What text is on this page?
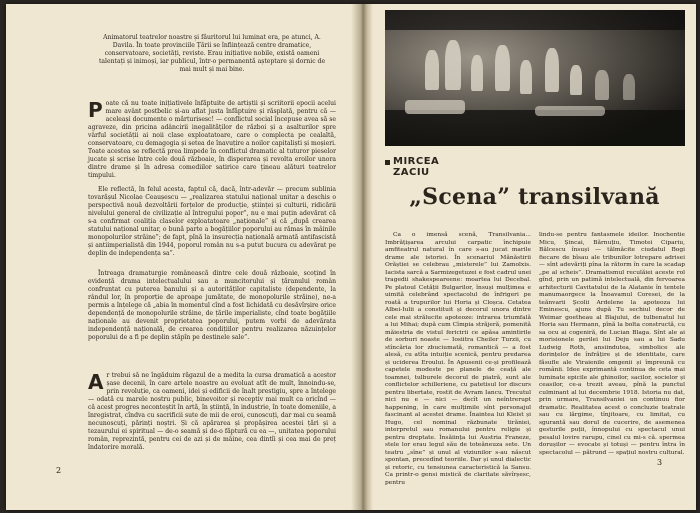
Animatorul teatrelor noastre și făuritorul lui luminat era, pe atunci, A. Davila. În toate provinciile Țării se înființează centre dramatice, conservatoare, societăți, reviste. Erau inițiative nobile, există oameni talentați și inimoși, iar publicul, într-o permanentă așteptare și dornic de mai mult și mai bine.

P oate că nu toate inițiativele înfăptuite de artiștii și scriitorii epocii acelui mare avânt postbelic și-au aflat justa înfăptuire și răsplată, pentru că — aceleași documente o mărturisesc! — conflictul social începuse avea să se agraveze, din pricina adâncirii inegalităților de război și a asalturilor spre vârful societății ai noii clase exploatatoare, care o complecta pe cealaltă, conservatoare, cu demagogia și setea de înavuțire a noilor capitaliști și moșieri. Toate acestea se reflectă prea limpede în conflictul dramatic al tuturor pieselor jucate și scrise între cele două războaie, în disperarea și revolta eroilor unora dintre drame și în adresa comediilor satirice care țineau alături teatrelor timpului.

Ele reflectă, în felul acesta, faptul că, dacă, într-adevăr — precum sublinia tovarășul Nicolae Ceaușescu — „realizarea statului național unitar a deschis o perspectivă nouă dezvoltării forțelor de producție, științei și culturii, ridicării nivelului general de civilizație al întregului popor”, nu e mai puțin adevărat că s-a confirmat coaliția claselor exploatatoare „naționale” și că „după crearea statului național unitar, o bună parte a bogățiilor poporului au rămas în mâinile monopolurilor străine”; de fapt, pînă la insurecția națională armată antifascistă și antiimperialistă din 1944, poporul român nu s-a putut bucura cu adevărat pe deplin de independența sa”.

Întreaga dramaturgie românească dintre cele două războaie, scoțind în evidență drama intelectualului sau a muncitorului și țăranului român confruntat cu puterea banului și a autorităților capitaliste (dependente, la rândul lor, în proporție de aproape jumătate, de monopolurile străine), ne-a permis a înțelege că „abia în momentul cînd a fost lichidată cu desăvîrșire orice dependență de monopolurile străine, de țările imperialiste, cînd toate bogățiile naționale au devenit proprietatea poporului, putem vorbi de adevărata independență națională, de crearea condițiilor pentru realizarea năzuințelor poporului de a fi pe deplin stăpîn pe destinele sale”.

A r trebui să ne îngăduim răgazul de a medita la cursa dramatică a acestor șase decenii, în care artele noastre au evoluat atît de mult, înnoindu-se, prin revoluție, ca oameni, idei și edificii de înalt prestigiu, spre a înțelege — odată cu marele nostru public, binevoitor și receptiv mai mult ca oricînd — că acest progres neconteștit în artă, în știință, în industrie, în toate domeniile, a înregistrat, cîndva cu sacrificii sute de mii de eroi, cunoscuți, dar mai cu seamă necunoscuți, părinți noștri. Și că apărarea și propășirea acestei țări și a tezaurului ei spiritual — de-o seamă și de-o făptură cu ea —, unitatea poporului român, reprezintă, pentru cei de azi și de mâine, cea dintîi și cea mai de preț îndatorire morală.

2
MIRCEA
ZACIU
„Scena” transilvană

Ca o imensă scenă, Transilvania... Imbrățișarea arcului carpatic închipuie amfiteatrul natural în care s-au jucat marile drame ale istoriei. În scenariul Mănăstirii Orăștiei se celebrau „misterele” lui Zamolxis. Iacista sarcă a Sarmizegetuzei e fost cadrul unei tragedii shakespeareene: moartea lui Decebal. Pe platoul Cetății Bulgarilor, însuși mulțimea e uimită celebrând spectacolul de înfrigeri pe roată a trupurilor lui Horia și Cloșca. Cetatea Albei-Iulii a constituit și decorul unora dintre cele mai strălucite apoteoze: intrarea triumfală a lui Mihai; după cum Cîmpia străjeră, pomenită măiestria de vistul fericirii ce apăsa amintirile de sorburi noaste — Iosiitra Cheiler Turzii, cu stîncăria lor zbuciumată, romantică — a fost alesă, cu atîta intuiție scenică, pentru predarea și uciderea Eroului. În Apusenii ce-și profilează capetele modeste pe planele de ceață ale toamnei, tulburele decorul de piatră, sunt ale conflictelor schilleriene, cu patetisul lor discurs pentru libertate, rostit de Avram Iancu. Trecutul nici nu e — nici — decît un neîntrerupt happening, în care mulțimile sînt personajul fascinant al acestei drame. Înaintea lui Kleist și Hugo, cel nominal răzbunate tirăniei, interpretul sau romanului pentru religie și pentru dreptate. Însăiința lui Austria Franeze, stele lor erau legul său de toteăneuza sete. Un teatru „sîne” și unul al viziunilor s-au născut spontan, precedînd teoriile. Dar și unul dialectic și retoric, cu tensiunea caracteristică la Sansu. Ca printr-o gensi mistică de claritate săvîrșesc, pentru

lindu-se pentru fantasmele ideilor. Inochentie Micu, Șincai, Bărnuțiu, Timotei Cipariu, Bălcescu însuși — tălmăcite ciudatul Bogi fiecare de bîsau ale tribunilor lotrepare adrisei — sînt adevăriți pîna la rătorm în care la scadap „pe al scheis”. Dramatismul reculăiei aceste rol gînd, prin un patimă intelectuală, din fervoarea arhitecturii Cavitatului de la Alatanie în tentele manumaorgece la Înoavamul Coresei, de la teănvarii Școlii Ardelene la apoteoza lui Eminescu, ajuns după Tu sechiul decor de Weimar goetheau al Blajului, de tulbenatul lui Horia sau Hermann, pînă la bolta constructă, cu sa ocu ai cogeniră, de Lucian Blaga. Sînt ale ai morisionele gerilei lui Deju sau a lui Sadu Ludwig Roth, ansiindutea, simbolice ale dorințelor de înfrățire și de identitate, care făsufle ale Viraienile omgenii și împreună cu românii. Idee exprimantă continua de ceta mai luminate epicile ale ghinoilor, sacilor, socielor și ceasilor, ce-a trezit aveau, pînă la punctul culminant al lui decembrie 1918. Istoria nu dat, prin urmare, Transilvaniei un continuu fior dramatic. Realitatea acest o concluzie teatrale sau cu lărgime, tînjitoare, cu limitat, cu sgurantă sau dorul de cucerire, de asemenea gesturile puții, înnopului cu spectacul unui pesalul lovire rarupu, cinel cu mi-s că. spermea dorușilor — evocate și totuși — pentru întra în spectacolul — pătrund — spațiul nostru cultural.

3
